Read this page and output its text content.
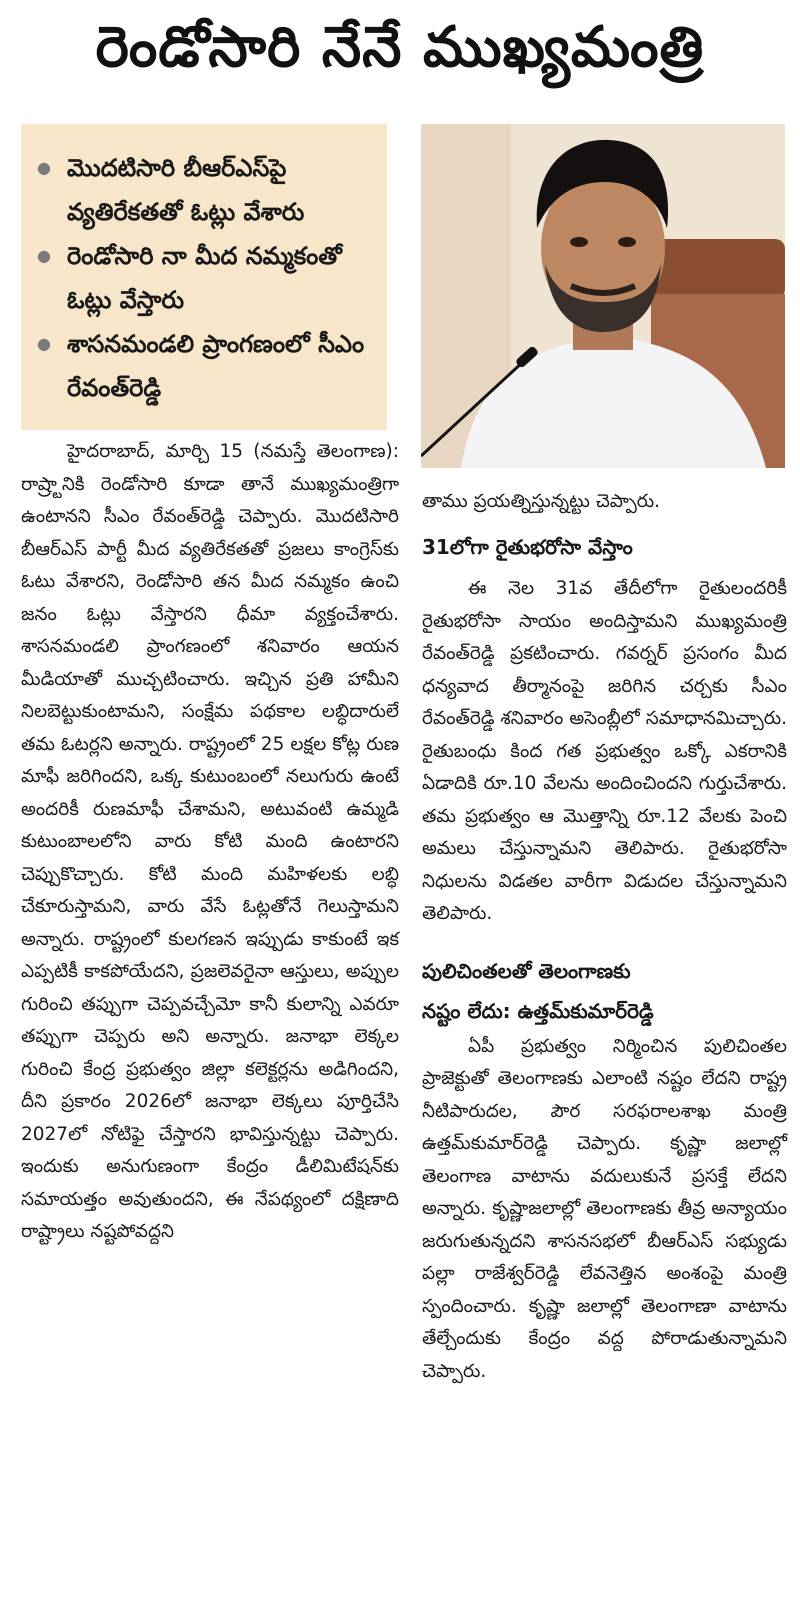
రెండోసారి నేనే ముఖ్యమంత్రి
● మొదటిసారి బీఆర్ఎస్‌పై వ్యతిరేకతతో ఓట్లు వేశారు
● రెండోసారి నా మీద నమ్మకంతో ఓట్లు వేస్తారు
● శాసనమండలి ప్రాంగణంలో సీఎం రేవంత్‌రెడ్డి

హైదరాబాద్, మార్చి 15 (నమస్తే తెలంగాణ): రాష్ర్టానికి రెండోసారి కూడా తానే ముఖ్యమంత్రిగా ఉంటానని సీఎం రేవంత్‌రెడ్డి చెప్పారు. మొదటిసారి బీఆర్ఎస్ పార్టీ మీద వ్యతిరేకతతో ప్రజలు కాంగ్రెస్‌కు ఓటు వేశారని, రెండోసారి తన మీద నమ్మకం ఉంచి జనం ఓట్లు వేస్తారని ధీమా వ్యక్తంచేశారు. శాసనమండలి ప్రాంగణంలో శనివారం ఆయన మీడియాతో ముచ్చటించారు. ఇచ్చిన ప్రతి హామీని నిలబెట్టుకుంటామని, సంక్షేమ పథకాల లబ్ధిదారులే తమ ఓటర్లని అన్నారు. రాష్ట్రంలో 25 లక్షల కోట్ల రుణ మాఫీ జరిగిందని, ఒక్క కుటుంబంలో నలుగురు ఉంటే అందరికీ రుణమాఫీ చేశామని, అటువంటి ఉమ్మడి కుటుంబాలలోని వారు కోటి మంది ఉంటారని చెప్పుకొచ్చారు. కోటి మంది మహిళలకు లబ్ధి చేకూరుస్తామని, వారు వేసే ఓట్లతోనే గెలుస్తామని అన్నారు. రాష్ట్రంలో కులగణన ఇప్పుడు కాకుంటే ఇక ఎప్పటికీ కాకపోయేదని, ప్రజలెవరైనా ఆస్తులు, అప్పుల గురించి తప్పుగా చెప్పవచ్చేమో కానీ కులాన్ని ఎవరూ తప్పుగా చెప్పరు అని అన్నారు. జనాభా లెక్కల గురించి కేంద్ర ప్రభుత్వం జిల్లా కలెక్టర్లను అడిగిందని, దీని ప్రకారం 2026లో జనాభా లెక్కలు పూర్తిచేసి 2027లో నోటిఫై చేస్తారని భావిస్తున్నట్టు చెప్పారు. ఇందుకు అనుగుణంగా కేంద్రం డీలిమిటేషన్‌కు సమాయత్తం అవుతుందని, ఈ నేపథ్యంలో దక్షిణాది రాష్ట్రాలు నష్టపోవద్దని

తాము ప్రయత్నిస్తున్నట్టు చెప్పారు.

31లోగా రైతుభరోసా వేస్తాం

ఈ నెల 31వ తేదీలోగా రైతులందరికీ రైతుభరోసా సాయం అందిస్తామని ముఖ్యమంత్రి రేవంత్‌రెడ్డి ప్రకటించారు. గవర్నర్ ప్రసంగం మీద ధన్యవాద తీర్మానంపై జరిగిన చర్చకు సీఎం రేవంత్‌రెడ్డి శనివారం అసెంబ్లీలో సమాధానమిచ్చారు. రైతుబంధు కింద గత ప్రభుత్వం ఒక్కో ఎకరానికి ఏడాదికి రూ.10 వేలను అందించిందని గుర్తుచేశారు. తమ ప్రభుత్వం ఆ మొత్తాన్ని రూ.12 వేలకు పెంచి అమలు చేస్తున్నామని తెలిపారు. రైతుభరోసా నిధులను విడతల వారీగా విడుదల చేస్తున్నామని తెలిపారు.

పులిచింతలతో తెలంగాణకు
నష్టం లేదు: ఉత్తమ్‌కుమార్‌రెడ్డి

ఏపీ ప్రభుత్వం నిర్మించిన పులిచింతల ప్రాజెక్టుతో తెలంగాణకు ఎలాంటి నష్టం లేదని రాష్ట్ర నీటిపారుదల, పౌర సరఫరాలశాఖ మంత్రి ఉత్తమ్‌కుమార్‌రెడ్డి చెప్పారు. కృష్ణా జలాల్లో తెలంగాణ వాటాను వదులుకునే ప్రసక్తే లేదని అన్నారు. కృష్ణాజలాల్లో తెలంగాణకు తీవ్ర అన్యాయం జరుగుతున్నదని శాసనసభలో బీఆర్ఎస్ సభ్యుడు పల్లా రాజేశ్వర్‌రెడ్డి లేవనెత్తిన అంశంపై మంత్రి స్పందించారు. కృష్ణా జలాల్లో తెలంగాణా వాటాను తేల్చేందుకు కేంద్రం వద్ద పోరాడుతున్నామని చెప్పారు.
